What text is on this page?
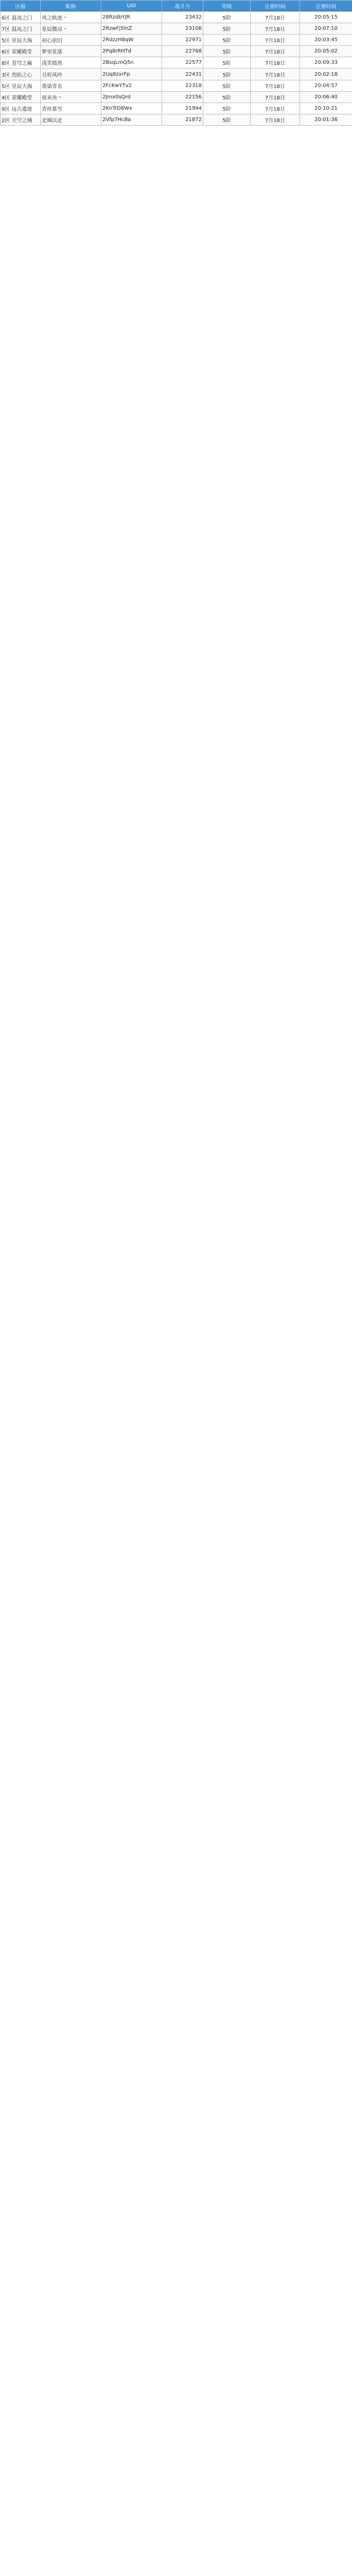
区服	昵称	UID	战斗力	等级	注册时间	注册时间
6区 混沌之门	风之轨迹丶	28RzdbYJR	23432	5阶	7月18日	20:05:15
7区 混沌之门	星辰微凉丶	2RzwFj5lnZ	23106	5阶	7月18日	20:07:10
5区 星辰大海	初心依旧	2RdzzH8qW	22971	5阶	7月18日	20:03:45
6区 荣耀殿堂	梦里花落	2Pq8rRHTd	22768	5阶	7月18日	20:05:02
8区 苍穹之巅	浅笑嫣然	2BsqLmQ5n	22577	5阶	7月18日	20:09:33
3区 烈焰之心	且听风吟	2Uq8zxrFp	22431	5阶	7月18日	20:02:18
5区 星辰大海	墨染青衣	2FcKwYTv2	22318	5阶	7月18日	20:04:57
4区 荣耀殿堂	夜未央丶	2Jmx0sQrd	22156	5阶	7月18日	20:06:40
9区 远古遗迹	青丝暮雪	2KnTrD8Wx	21994	5阶	7月18日	20:10:21
2区 天空之城	北城以北	2Vfp7HcBa	21872	5阶	7月18日	20:01:36
